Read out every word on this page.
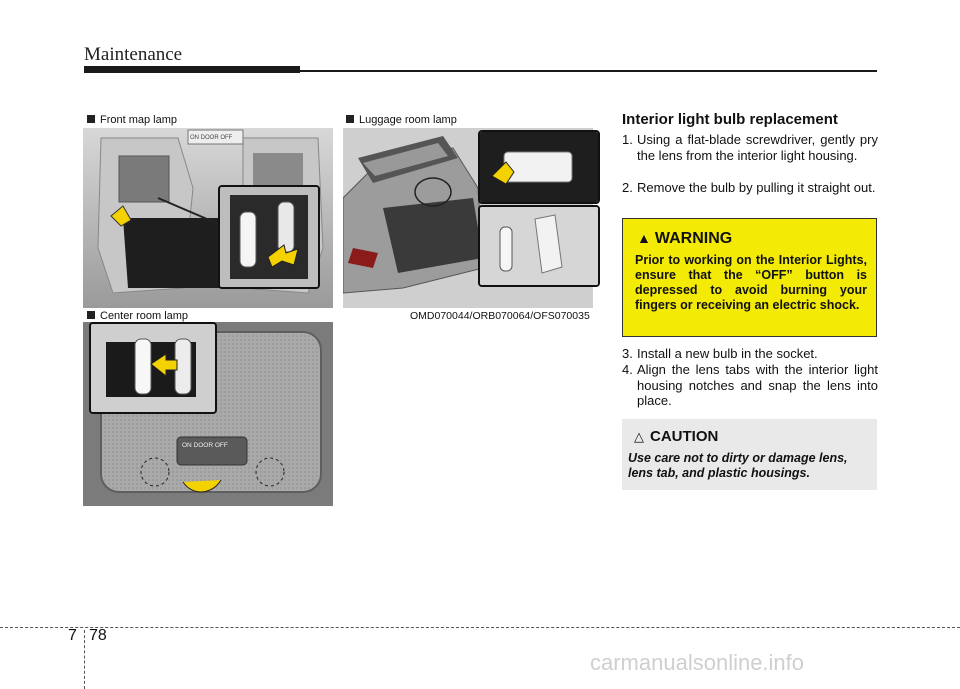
Maintenance
Front map lamp	Luggage room lamp
Center room lamp	OMD070044/ORB070064/OFS070035
ON DOOR OFF
ON DOOR OFF
Interior light bulb replacement
1. Using a flat-blade screwdriver, gently pry the lens from the interior light housing.
2. Remove the bulb by pulling it straight out.
▲ WARNING
Prior to working on the Interior Lights, ensure that the “OFF” button is depressed to avoid burning your fingers or receiving an electric shock.
3. Install a new bulb in the socket.
4. Align the lens tabs with the interior light housing notches and snap the lens into place.
△ CAUTION
Use care not to dirty or damage lens, lens tab, and plastic housings.
7 78
carmanualsonline.info
